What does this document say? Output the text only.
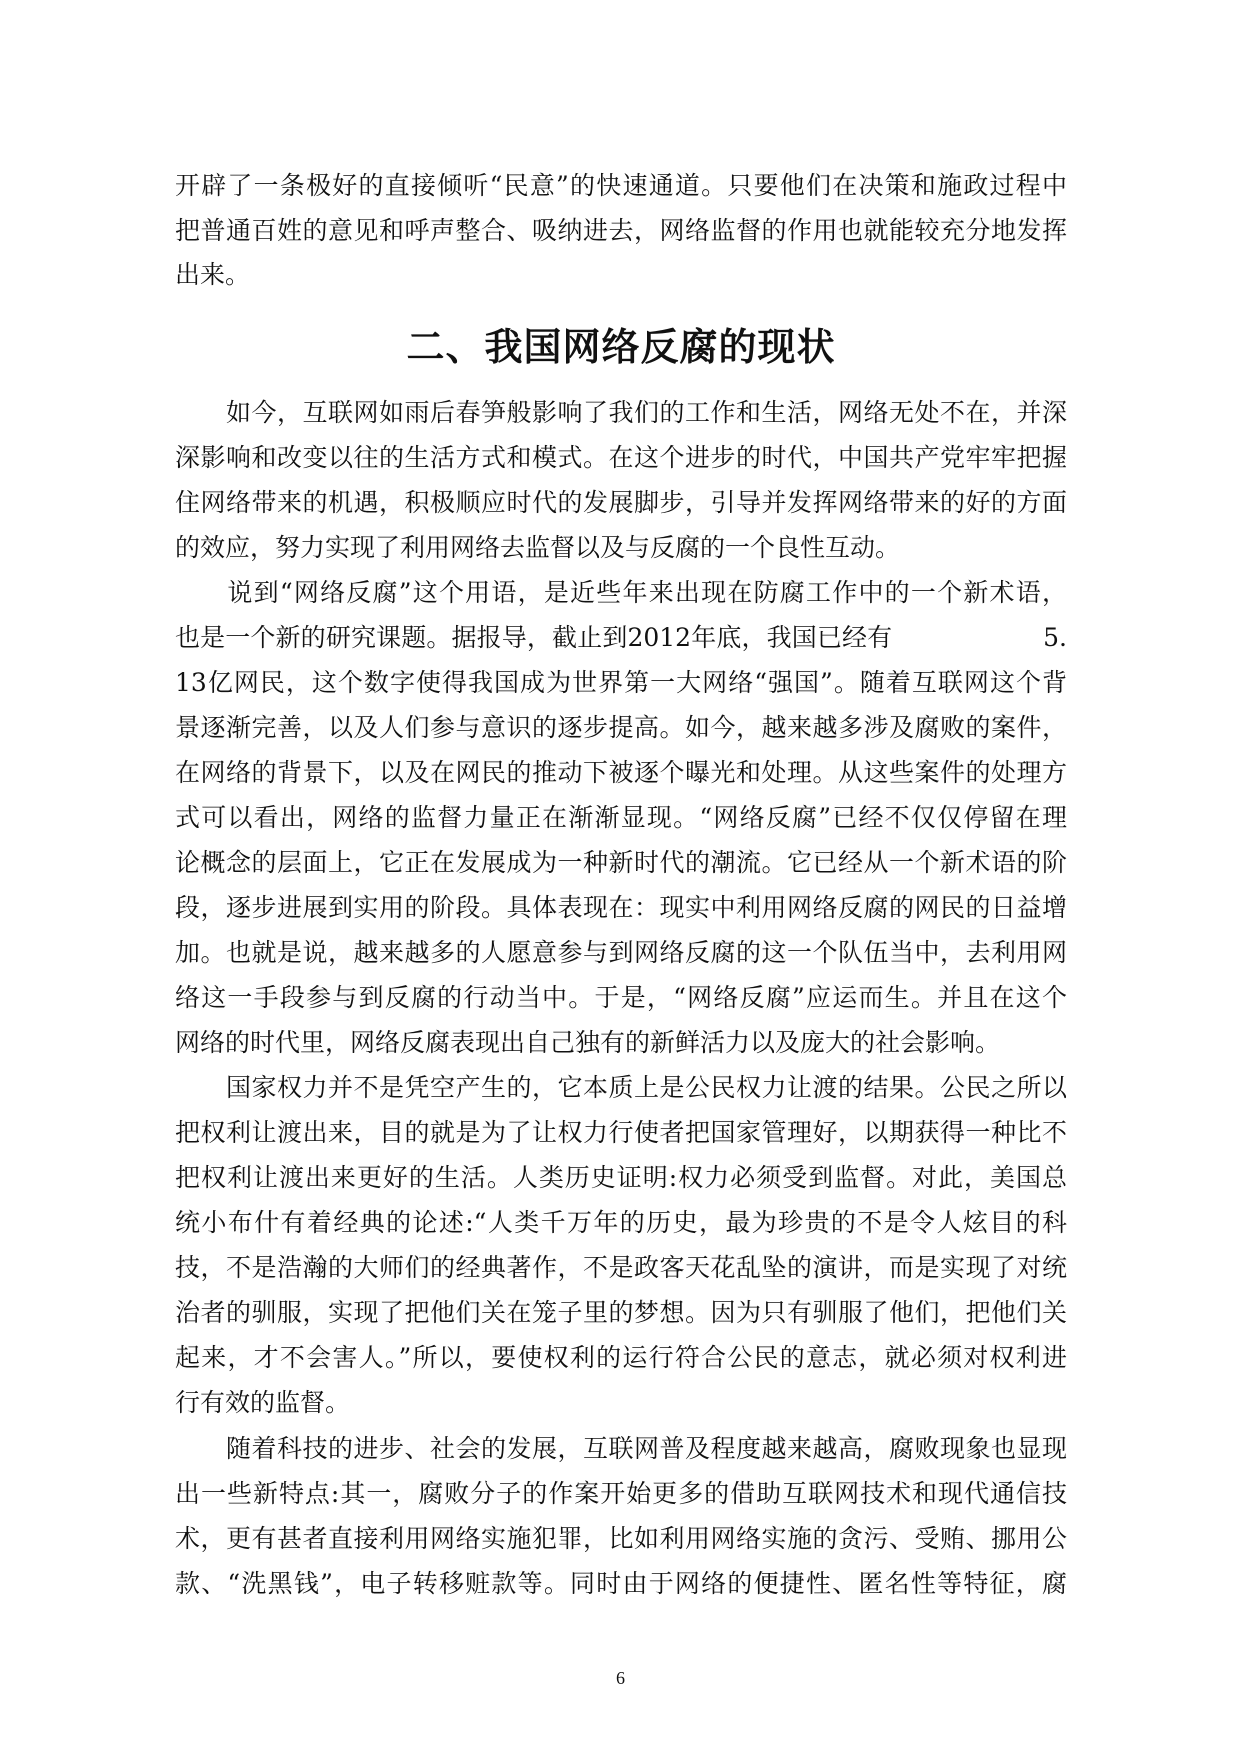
开辟了一条极好的直接倾听“民意”的快速通道。只要他们在决策和施政过程中
把普通百姓的意见和呼声整合、吸纳进去，网络监督的作用也就能较充分地发挥
出来。
　　如今，互联网如雨后春笋般影响了我们的工作和生活，网络无处不在，并深
深影响和改变以往的生活方式和模式。在这个进步的时代，中国共产党牢牢把握
住网络带来的机遇，积极顺应时代的发展脚步，引导并发挥网络带来的好的方面
的效应，努力实现了利用网络去监督以及与反腐的一个良性互动。
　　说到“网络反腐”这个用语，是近些年来出现在防腐工作中的一个新术语，
也是一个新的研究课题。据报导，截止到2012年底，我国已经有　　　　　　5.
13亿网民，这个数字使得我国成为世界第一大网络“强国”。随着互联网这个背
景逐渐完善，以及人们参与意识的逐步提高。如今，越来越多涉及腐败的案件，
在网络的背景下，以及在网民的推动下被逐个曝光和处理。从这些案件的处理方
式可以看出，网络的监督力量正在渐渐显现。“网络反腐”已经不仅仅停留在理
论概念的层面上，它正在发展成为一种新时代的潮流。它已经从一个新术语的阶
段，逐步进展到实用的阶段。具体表现在：现实中利用网络反腐的网民的日益增
加。也就是说，越来越多的人愿意参与到网络反腐的这一个队伍当中，去利用网
络这一手段参与到反腐的行动当中。于是，“网络反腐”应运而生。并且在这个
网络的时代里，网络反腐表现出自己独有的新鲜活力以及庞大的社会影响。
　　国家权力并不是凭空产生的，它本质上是公民权力让渡的结果。公民之所以
把权利让渡出来，目的就是为了让权力行使者把国家管理好，以期获得一种比不
把权利让渡出来更好的生活。人类历史证明:权力必须受到监督。对此，美国总
统小布什有着经典的论述:“人类千万年的历史，最为珍贵的不是令人炫目的科
技，不是浩瀚的大师们的经典著作，不是政客天花乱坠的演讲，而是实现了对统
治者的驯服，实现了把他们关在笼子里的梦想。因为只有驯服了他们，把他们关
起来，才不会害人。”所以，要使权利的运行符合公民的意志，就必须对权利进
行有效的监督。
　　随着科技的进步、社会的发展，互联网普及程度越来越高，腐败现象也显现
出一些新特点:其一，腐败分子的作案开始更多的借助互联网技术和现代通信技
术，更有甚者直接利用网络实施犯罪，比如利用网络实施的贪污、受贿、挪用公
款、“洗黑钱”，电子转移赃款等。同时由于网络的便捷性、匿名性等特征，腐
二、我国网络反腐的现状
6
